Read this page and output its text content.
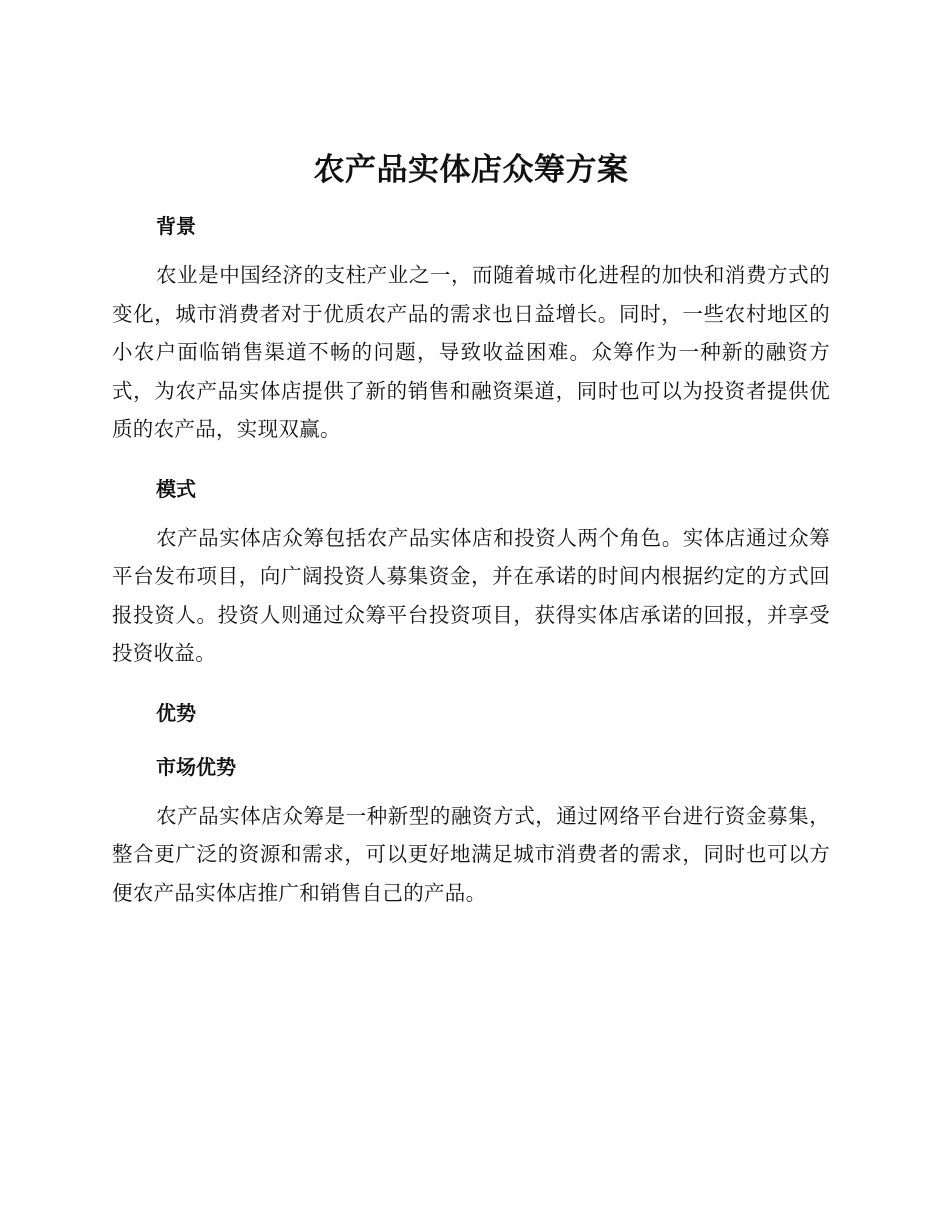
农产品实体店众筹方案
背景

农业是中国经济的支柱产业之一，而随着城市化进程的加快和消费方式的变化，城市消费者对于优质农产品的需求也日益增长。同时，一些农村地区的小农户面临销售渠道不畅的问题，导致收益困难。众筹作为一种新的融资方式，为农产品实体店提供了新的销售和融资渠道，同时也可以为投资者提供优质的农产品，实现双赢。

模式

农产品实体店众筹包括农产品实体店和投资人两个角色。实体店通过众筹平台发布项目，向广阔投资人募集资金，并在承诺的时间内根据约定的方式回报投资人。投资人则通过众筹平台投资项目，获得实体店承诺的回报，并享受投资收益。

优势
市场优势

农产品实体店众筹是一种新型的融资方式，通过网络平台进行资金募集，整合更广泛的资源和需求，可以更好地满足城市消费者的需求，同时也可以方便农产品实体店推广和销售自己的产品。
